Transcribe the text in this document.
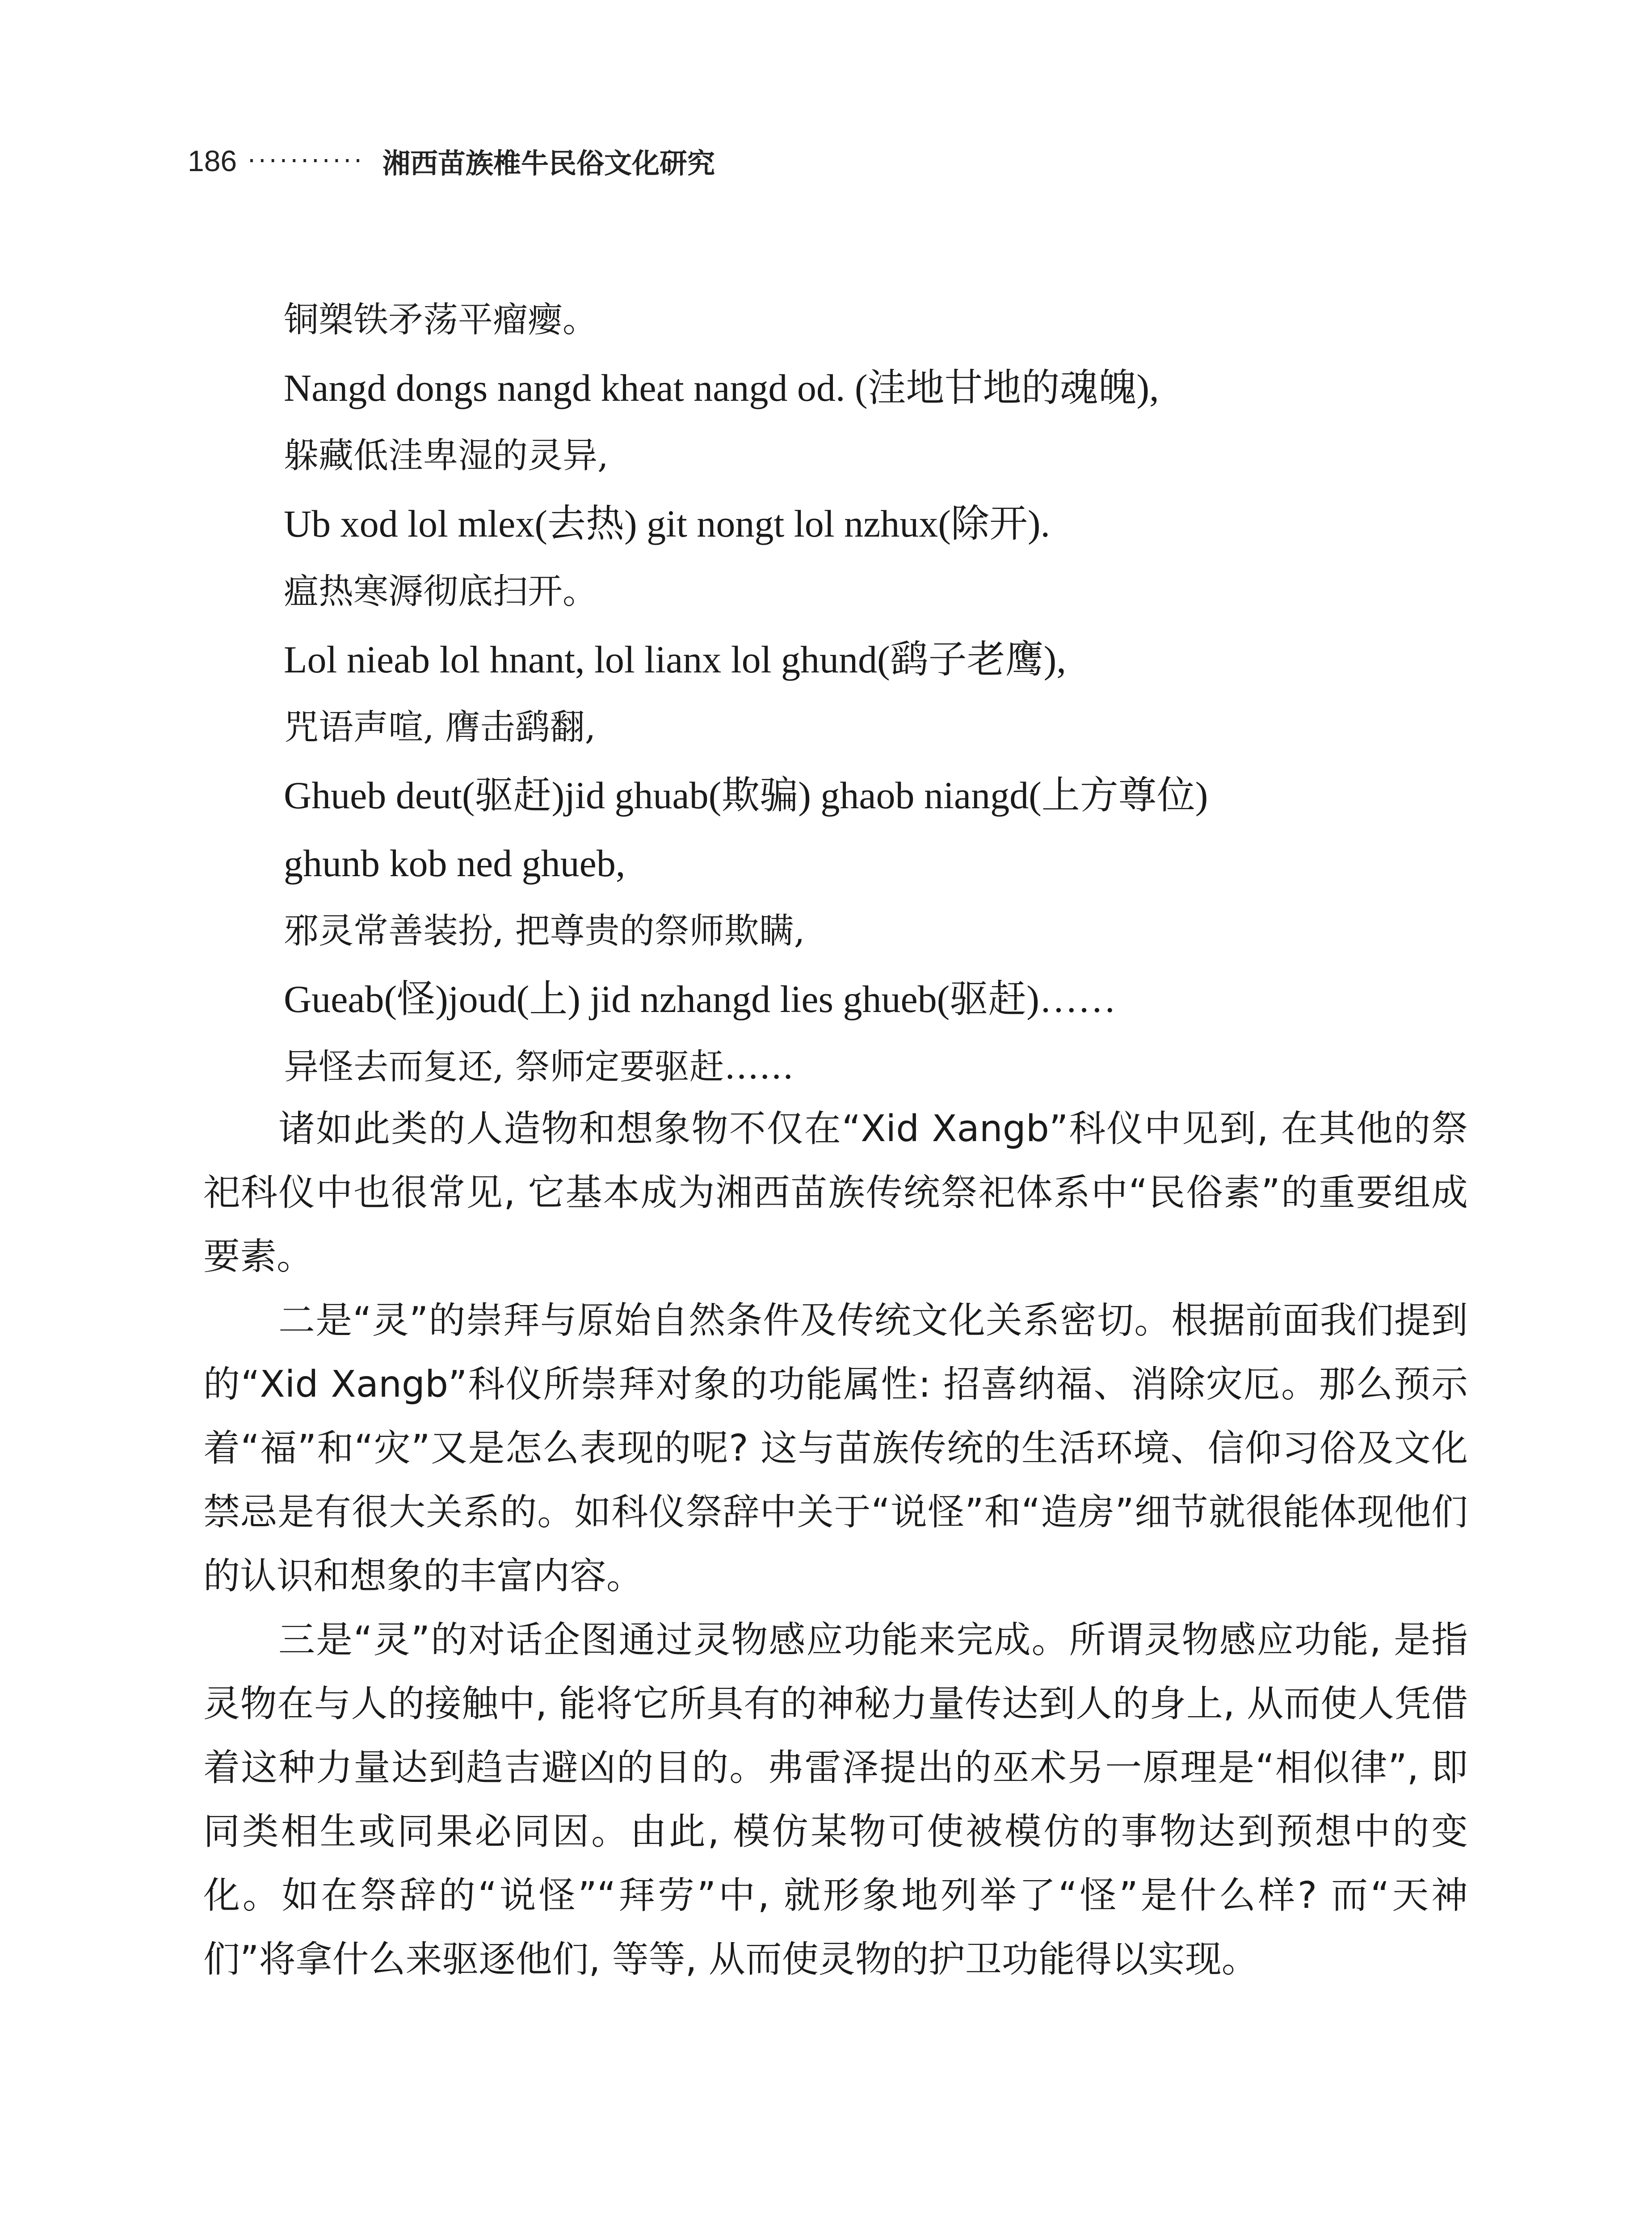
186 ··········· 湘西苗族椎牛民俗文化研究
铜槊铁矛荡平瘤瘿。
Nangd dongs nangd kheat nangd od. (洼地甘地的魂魄),
躲藏低洼卑湿的灵异,
Ub xod lol mlex(去热) git nongt lol nzhux(除开).
瘟热寒溽彻底扫开。
Lol nieab lol hnant, lol lianx lol ghund(鹞子老鹰),
咒语声喧, 膺击鹞翻,
Ghueb deut(驱赶)jid ghuab(欺骗) ghaob niangd(上方尊位)
ghunb kob ned ghueb,
邪灵常善装扮, 把尊贵的祭师欺瞒,
Gueab(怪)joud(上) jid nzhangd lies ghueb(驱赶)……
异怪去而复还, 祭师定要驱赶……

诸如此类的人造物和想象物不仅在“Xid Xangb”科仪中见到, 在其他的祭祀科仪中也很常见, 它基本成为湘西苗族传统祭祀体系中“民俗素”的重要组成要素。

二是“灵”的崇拜与原始自然条件及传统文化关系密切。根据前面我们提到的“Xid Xangb”科仪所崇拜对象的功能属性: 招喜纳福、消除灾厄。那么预示着“福”和“灾”又是怎么表现的呢? 这与苗族传统的生活环境、信仰习俗及文化禁忌是有很大关系的。如科仪祭辞中关于“说怪”和“造房”细节就很能体现他们的认识和想象的丰富内容。

三是“灵”的对话企图通过灵物感应功能来完成。所谓灵物感应功能, 是指灵物在与人的接触中, 能将它所具有的神秘力量传达到人的身上, 从而使人凭借着这种力量达到趋吉避凶的目的。弗雷泽提出的巫术另一原理是“相似律”, 即同类相生或同果必同因。由此, 模仿某物可使被模仿的事物达到预想中的变化。如在祭辞的“说怪”“拜劳”中, 就形象地列举了“怪”是什么样? 而“天神们”将拿什么来驱逐他们, 等等, 从而使灵物的护卫功能得以实现。
